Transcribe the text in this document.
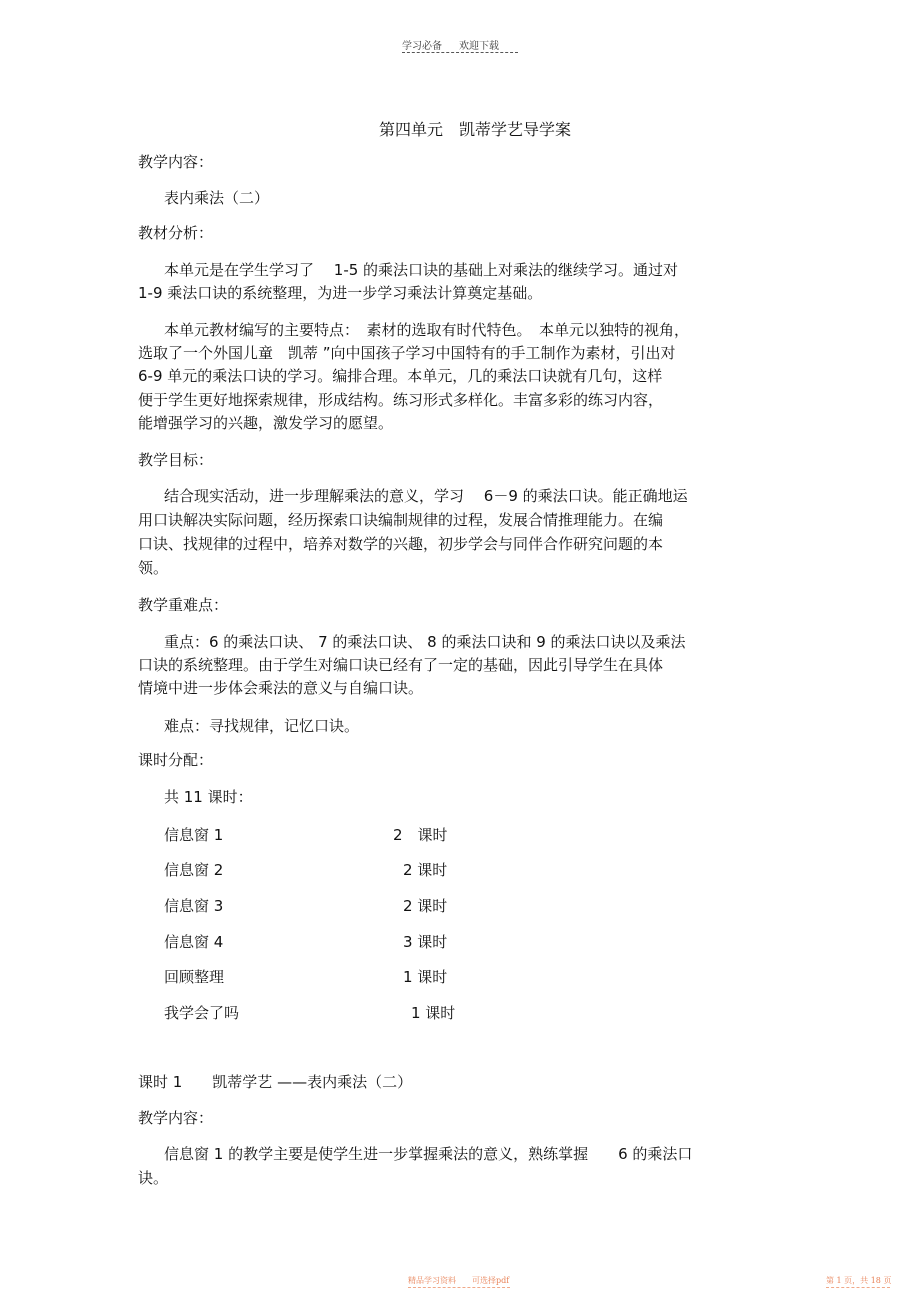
学习必备 欢迎下载
第四单元　凯蒂学艺导学案
教学内容：
表内乘法（二）
教材分析：
本单元是在学生学习了　 1-5 的乘法口诀的基础上对乘法的继续学习。通过对
1-9 乘法口诀的系统整理，为进一步学习乘法计算奠定基础。
本单元教材编写的主要特点：　素材的选取有时代特色。　本单元以独特的视角，
选取了一个外国儿童　凯蒂 ”向中国孩子学习中国特有的手工制作为素材，引出对
6-9 单元的乘法口诀的学习。编排合理。本单元，几的乘法口诀就有几句，这样
便于学生更好地探索规律，形成结构。练习形式多样化。丰富多彩的练习内容，
能增强学习的兴趣，激发学习的愿望。
教学目标：
结合现实活动，进一步理解乘法的意义，学习　 6－9 的乘法口诀。能正确地运
用口诀解决实际问题，经历探索口诀编制规律的过程，发展合情推理能力。在编
口诀、找规律的过程中，培养对数学的兴趣，初步学会与同伴合作研究问题的本
领。
教学重难点：
重点：6 的乘法口诀、 7 的乘法口诀、 8 的乘法口诀和 9 的乘法口诀以及乘法
口诀的系统整理。由于学生对编口诀已经有了一定的基础，因此引导学生在具体
情境中进一步体会乘法的意义与自编口诀。
难点：寻找规律，记忆口诀。
课时分配：
共 11 课时：
信息窗 1	2　课时
信息窗 2	2 课时
信息窗 3	2 课时
信息窗 4	3 课时
回顾整理	1 课时
我学会了吗	1 课时
课时 1　　凯蒂学艺 ——表内乘法（二）
教学内容：
信息窗 1 的教学主要是使学生进一步掌握乘法的意义，熟练掌握　　6 的乘法口
诀。
精品学习资料　　可选择pdf	第 1 页，共 18 页
